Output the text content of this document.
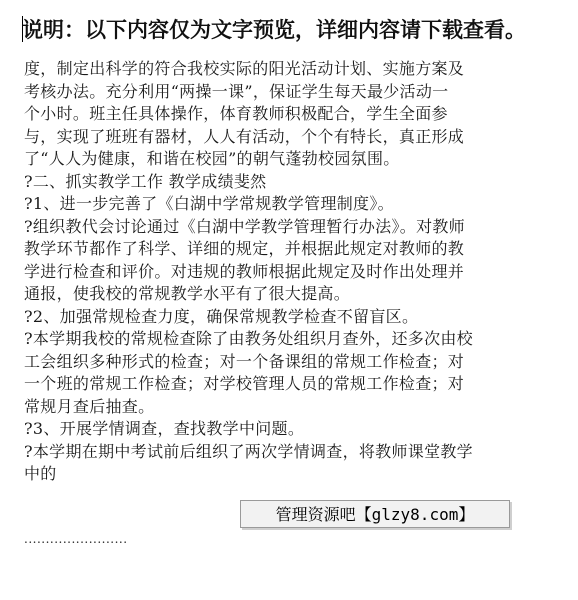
说明：以下内容仅为文字预览，详细内容请下载查看。
度，制定出科学的符合我校实际的阳光活动计划、实施方案及
考核办法。充分利用“两操一课”，保证学生每天最少活动一
个小时。班主任具体操作，体育教师积极配合，学生全面参
与，实现了班班有器材，人人有活动，个个有特长，真正形成
了“人人为健康，和谐在校园”的朝气蓬勃校园氛围。
?二、抓实教学工作 教学成绩斐然
?1、进一步完善了《白湖中学常规教学管理制度》。
?组织教代会讨论通过《白湖中学教学管理暂行办法》。对教师
教学环节都作了科学、详细的规定，并根据此规定对教师的教
学进行检查和评价。对违规的教师根据此规定及时作出处理并
通报，使我校的常规教学水平有了很大提高。
?2、加强常规检查力度，确保常规教学检查不留盲区。
?本学期我校的常规检查除了由教务处组织月查外，还多次由校
工会组织多种形式的检查；对一个备课组的常规工作检查；对
一个班的常规工作检查；对学校管理人员的常规工作检查；对
常规月查后抽查。
?3、开展学情调查，查找教学中问题。
?本学期在期中考试前后组织了两次学情调查，将教师课堂教学
中的
管理资源吧【glzy8.com】
........................
